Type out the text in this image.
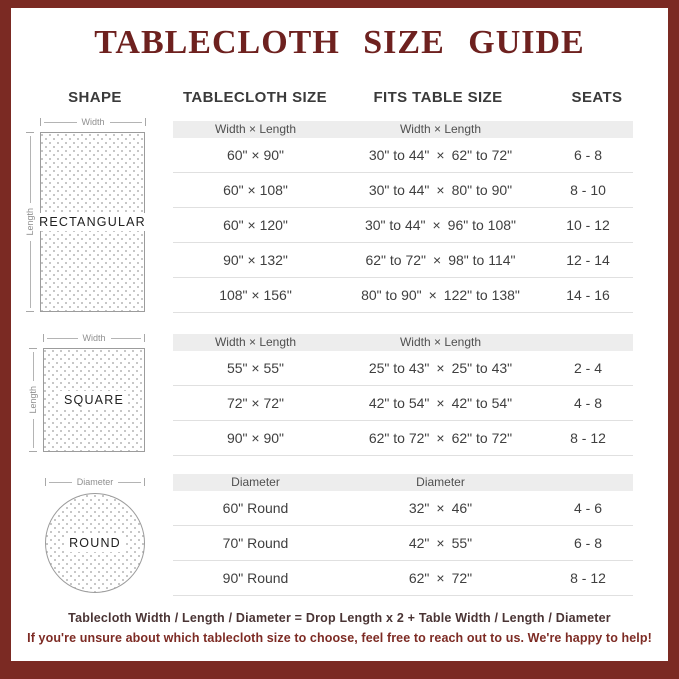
TABLECLOTH SIZE GUIDE
SHAPE	TABLECLOTH SIZE	FITS TABLE SIZE	SEATS
Width
Length RECTANGULAR
Width
Length	SQUARE
Diameter
ROUND
Width × Length	Width × Length
60" × 90"	30" to 44" × 62" to 72"	6 - 8
60" × 108"	30" to 44" × 80" to 90"	8 - 10
60" × 120"	30" to 44" × 96" to 108"	10 - 12
90" × 132"	62" to 72" × 98" to 114"	12 - 14
108" × 156"	80" to 90" × 122" to 138"	14 - 16
Width × Length	Width × Length
55" × 55"	25" to 43" × 25" to 43"	2 - 4
72" × 72"	42" to 54" × 42" to 54"	4 - 8
90" × 90"	62" to 72" × 62" to 72"	8 - 12
Diameter	Diameter
60" Round	32" × 46"	4 - 6
70" Round	42" × 55"	6 - 8
90" Round	62" × 72"	8 - 12
Tablecloth Width / Length / Diameter = Drop Length x 2 + Table Width / Length / Diameter
If you're unsure about which tablecloth size to choose, feel free to reach out to us. We're happy to help!
